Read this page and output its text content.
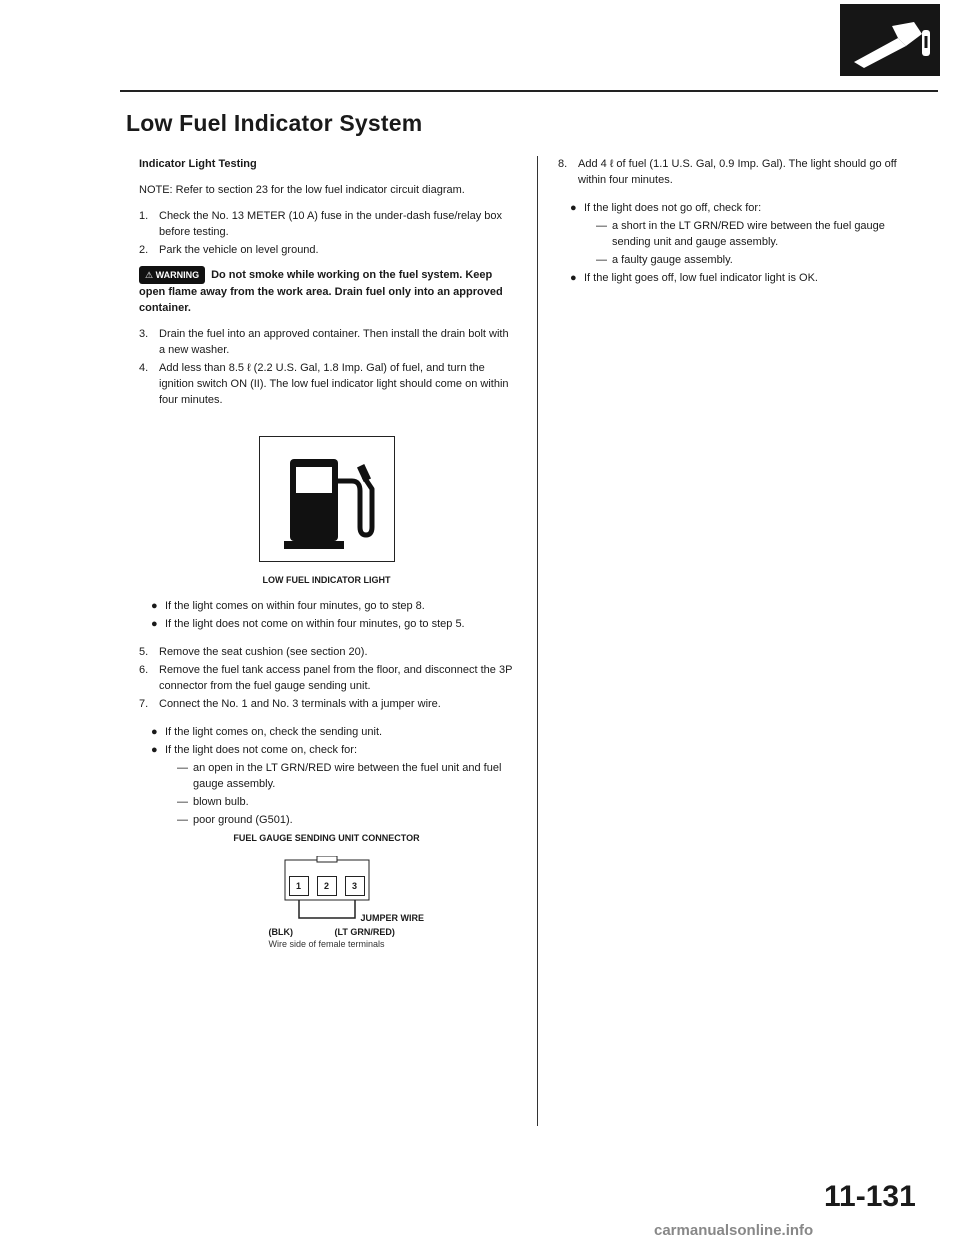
Low Fuel Indicator System

Indicator Light Testing

NOTE: Refer to section 23 for the low fuel indicator circuit diagram.

1. Check the No. 13 METER (10 A) fuse in the under-dash fuse/relay box before testing.
2. Park the vehicle on level ground.
⚠ WARNING Do not smoke while working on the fuel system. Keep open flame away from the work area. Drain fuel only into an approved container.
3. Drain the fuel into an approved container. Then install the drain bolt with a new washer.
4. Add less than 8.5 ℓ (2.2 U.S. Gal, 1.8 Imp. Gal) of fuel, and turn the ignition switch ON (II). The low fuel indicator light should come on within four minutes.

LOW FUEL INDICATOR LIGHT

● If the light comes on within four minutes, go to step 8.
● If the light does not come on within four minutes, go to step 5.
5. Remove the seat cushion (see section 20).
6. Remove the fuel tank access panel from the floor, and disconnect the 3P connector from the fuel gauge sending unit.
7. Connect the No. 1 and No. 3 terminals with a jumper wire.
● If the light comes on, check the sending unit.
● If the light does not come on, check for:
— an open in the LT GRN/RED wire between the fuel unit and fuel gauge assembly.
— blown bulb.
— poor ground (G501).

FUEL GAUGE SENDING UNIT CONNECTOR

1	2	3
JUMPER WIRE
(BLK)	(LT GRN/RED)

Wire side of female terminals

8. Add 4 ℓ of fuel (1.1 U.S. Gal, 0.9 Imp. Gal). The light should go off within four minutes.
● If the light does not go off, check for:
— a short in the LT GRN/RED wire between the fuel gauge sending unit and gauge assembly.
— a faulty gauge assembly.
● If the light goes off, low fuel indicator light is OK.
11-131
carmanualsonline.info
